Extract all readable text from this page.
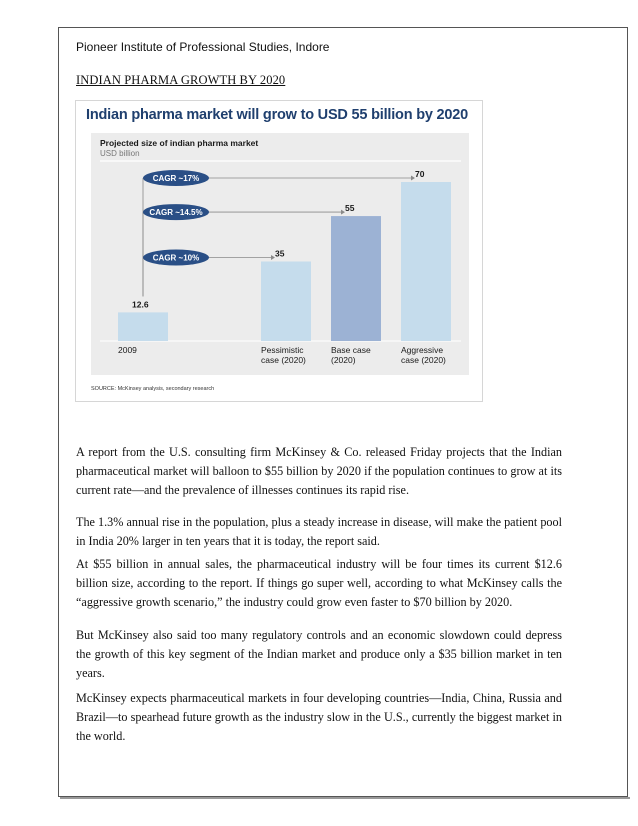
Pioneer Institute of Professional Studies, Indore
INDIAN PHARMA GROWTH BY 2020
Indian pharma market will grow to USD 55 billion by 2020
Projected size of indian pharma market
USD billion
12.6
2009
35
Pessimistic
case (2020)
55
Base case
(2020)
70
Aggressive
case (2020)
CAGR ~17%
CAGR ~14.5%
CAGR ~10%
SOURCE: McKinsey analysis, secondary research

A report from the U.S. consulting firm McKinsey & Co. released Friday projects that the Indian pharmaceutical market will balloon to $55 billion by 2020 if the population continues to grow at its current rate—and the prevalence of illnesses continues its rapid rise.

The 1.3% annual rise in the population, plus a steady increase in disease, will make the patient pool in India 20% larger in ten years that it is today, the report said.

At $55 billion in annual sales, the pharmaceutical industry will be four times its current $12.6 billion size, according to the report. If things go super well, according to what McKinsey calls the “aggressive growth scenario,” the industry could grow even faster to $70 billion by 2020.

But McKinsey also said too many regulatory controls and an economic slowdown could depress the growth of this key segment of the Indian market and produce only a $35 billion market in ten years.

McKinsey expects pharmaceutical markets in four developing countries—India, China, Russia and Brazil—to spearhead future growth as the industry slow in the U.S., currently the biggest market in the world.
